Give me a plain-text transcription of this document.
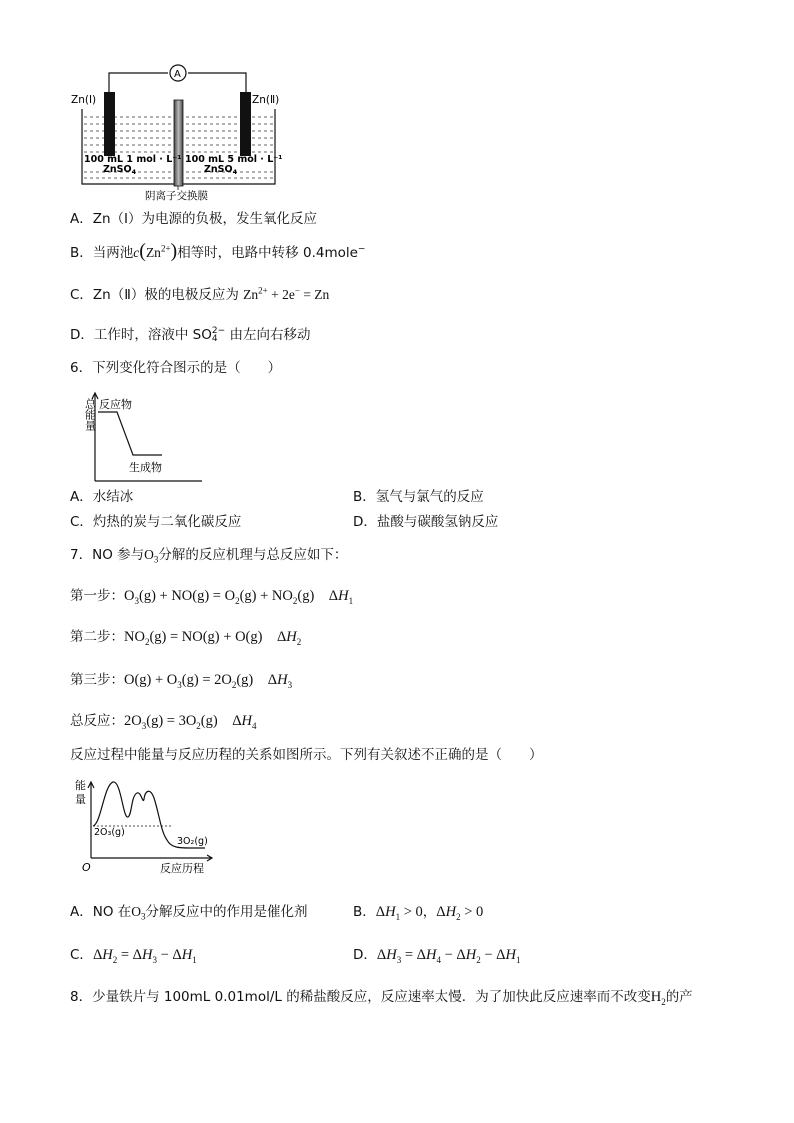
A
Zn(Ⅰ)	Zn(Ⅱ)
100 mL 1 mol · L⁻¹
ZnSO$_4$
100 mL 5 mol · L⁻¹
ZnSO$_4$
阴离子交换膜
A．Zn（Ⅰ）为电源的负极，发生氧化反应
B．当两池$c(Zn^{2+})$相等时，电路中转移 0.4mole−
C．Zn（Ⅱ）极的电极反应为 $Zn^{2+} + 2e^- = Zn$
D．工作时，溶液中 SO 2−
4 由左向右移动
6．下列变化符合图示的是（　　）
总能量 反应物
生成物
A．水结冰	B．氢气与氯气的反应
C．灼热的炭与二氧化碳反应	D．盐酸与碳酸氢钠反应
7．NO 参与$O_3$分解的反应机理与总反应如下：
第一步：$O_3(g) + NO(g) = O_2(g) + NO_2(g)$    $\Delta H_1$
第二步：$NO_2(g) = NO(g) + O(g)$    $\Delta H_2$
第三步：$O(g) + O_3(g) = 2O_2(g)$    $\Delta H_3$
总反应：$2O_3(g) = 3O_2(g)$    $\Delta H_4$
反应过程中能量与反应历程的关系如图所示。下列有关叙述不正确的是（　　）
能
量
O	反应历程
2O₃(g)
3O₂(g)
A．NO 在$O_3$分解反应中的作用是催化剂	B．$\Delta H_1 > 0$，$\Delta H_2 > 0$
C．$\Delta H_2 = \Delta H_3 - \Delta H_1$	D．$\Delta H_3 = \Delta H_4 - \Delta H_2 - \Delta H_1$
8．少量铁片与 100mL 0.01mol/L 的稀盐酸反应，反应速率太慢．为了加快此反应速率而不改变$H_2$的产
